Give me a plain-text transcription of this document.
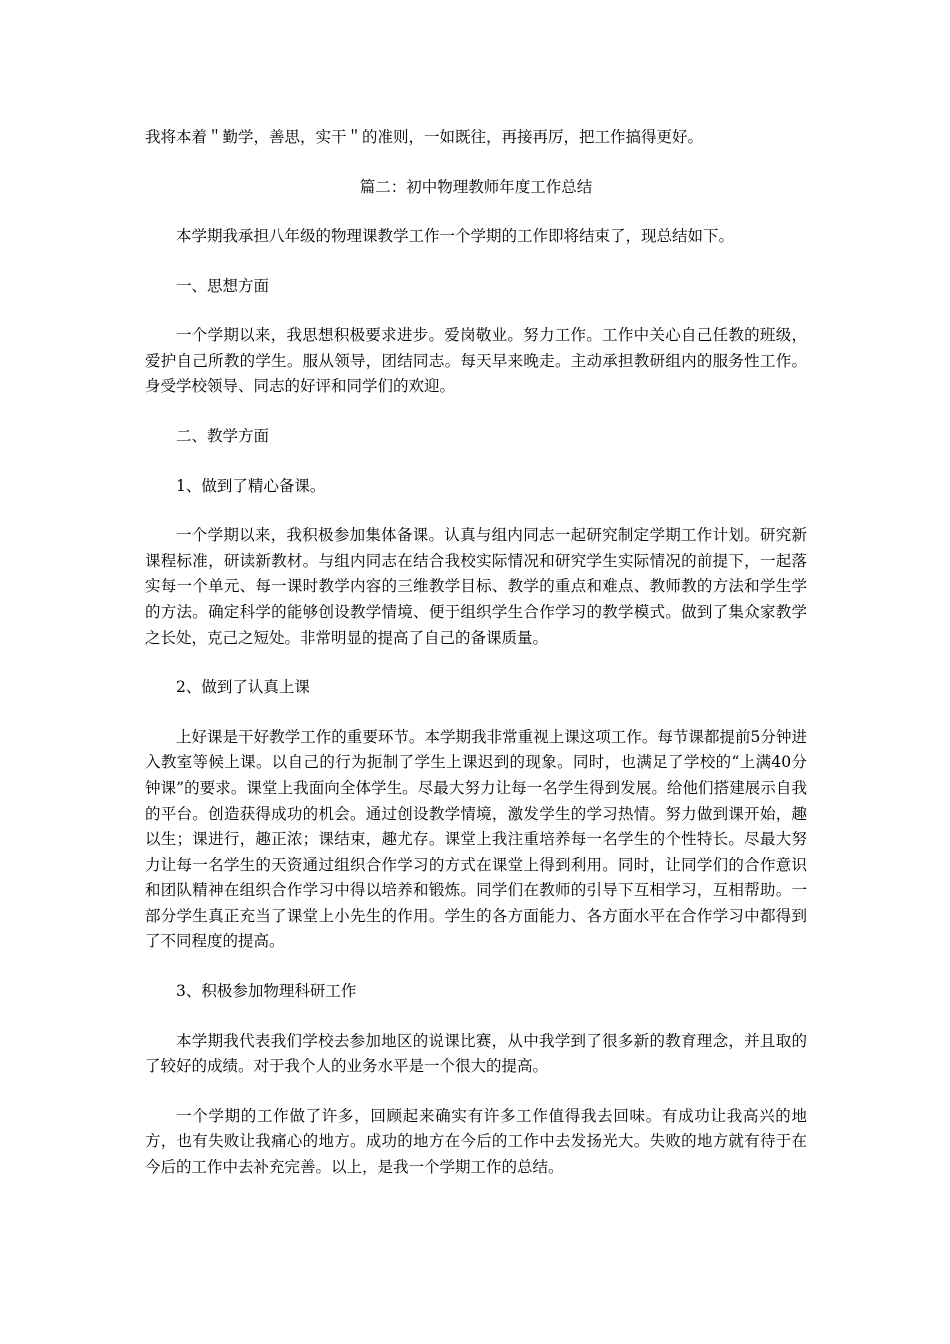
我将本着＂勤学，善思，实干＂的准则，一如既往，再接再厉，把工作搞得更好。

篇二：初中物理教师年度工作总结

本学期我承担八年级的物理课教学工作一个学期的工作即将结束了，现总结如下。

一、思想方面

一个学期以来，我思想积极要求进步。爱岗敬业。努力工作。工作中关心自己任教的班级，爱护自己所教的学生。服从领导，团结同志。每天早来晚走。主动承担教研组内的服务性工作。身受学校领导、同志的好评和同学们的欢迎。

二、教学方面

1、做到了精心备课。

一个学期以来，我积极参加集体备课。认真与组内同志一起研究制定学期工作计划。研究新课程标准，研读新教材。与组内同志在结合我校实际情况和研究学生实际情况的前提下，一起落实每一个单元、每一课时教学内容的三维教学目标、教学的重点和难点、教师教的方法和学生学的方法。确定科学的能够创设教学情境、便于组织学生合作学习的教学模式。做到了集众家教学之长处，克己之短处。非常明显的提高了自己的备课质量。

2、做到了认真上课

上好课是干好教学工作的重要环节。本学期我非常重视上课这项工作。每节课都提前5分钟进入教室等候上课。以自己的行为扼制了学生上课迟到的现象。同时，也满足了学校的“上满40分钟课”的要求。课堂上我面向全体学生。尽最大努力让每一名学生得到发展。给他们搭建展示自我的平台。创造获得成功的机会。通过创设教学情境，激发学生的学习热情。努力做到课开始，趣以生；课进行，趣正浓；课结束，趣尤存。课堂上我注重培养每一名学生的个性特长。尽最大努力让每一名学生的天资通过组织合作学习的方式在课堂上得到利用。同时，让同学们的合作意识和团队精神在组织合作学习中得以培养和锻炼。同学们在教师的引导下互相学习，互相帮助。一部分学生真正充当了课堂上小先生的作用。学生的各方面能力、各方面水平在合作学习中都得到了不同程度的提高。

3、积极参加物理科研工作

本学期我代表我们学校去参加地区的说课比赛，从中我学到了很多新的教育理念，并且取的了较好的成绩。对于我个人的业务水平是一个很大的提高。

一个学期的工作做了许多，回顾起来确实有许多工作值得我去回味。有成功让我高兴的地方，也有失败让我痛心的地方。成功的地方在今后的工作中去发扬光大。失败的地方就有待于在今后的工作中去补充完善。以上，是我一个学期工作的总结。
